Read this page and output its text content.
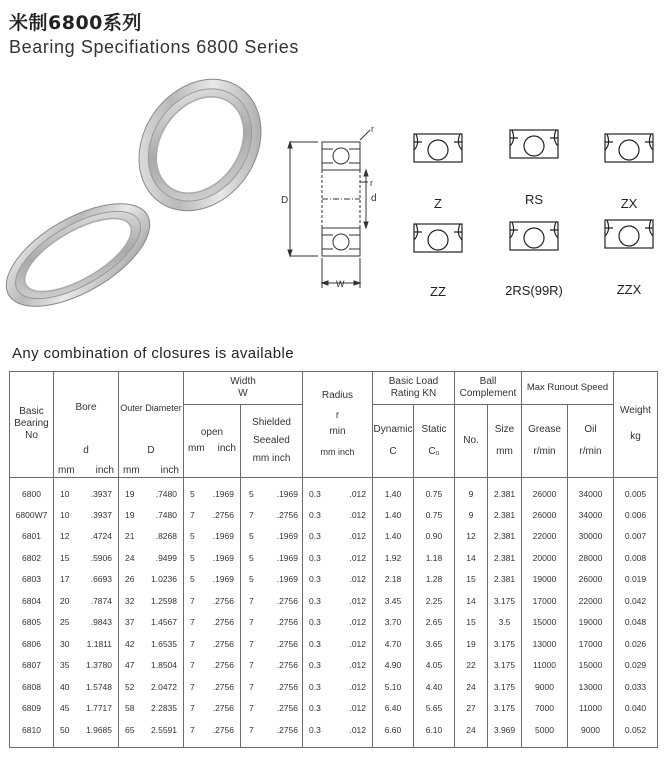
米制6800系列
Bearing Specifiations 6800 Series
D	d
W
r
r
Z	RS	ZX
ZZ	2RS(99R)	ZZX
Any combination of closures is available
Basic Bearing No	Bore	Outer Diameter	Width
W		Radius
r
min
mm inch	Basic Load Rating KN		Ball Complement		Max Runout Speed		Weight
kg

			open
mm inch	Shielded
Seealed
mm inch		Dynamic
C	Static
C₀	No.	Size
mm	Grease
r/min	Oil
r/min	

	d
mm inch	D
mm inch										

6800	10 .3937	19 .7480	5 .1969	5 .1969	0.3 .012	1.40	0.75	9	2.381	26000	34000	0.005
6800W7	10 .3937	19 .7480	7 .2756	7 .2756	0.3 .012	1.40	0.75	9	2.381	26000	34000	0.006
6801	12 .4724	21 .8268	5 .1969	5 .1969	0.3 .012	1.40	0.90	12	2.381	22000	30000	0.007
6802	15 .5906	24 .9499	5 .1969	5 .1969	0.3 .012	1.92	1.18	14	2.381	20000	28000	0.008
6803	17 .6693	26 1.0236	5 .1969	5 .1969	0.3 .012	2.18	1.28	15	2.381	19000	26000	0.019
6804	20 .7874	32 1.2598	7 .2756	7 .2756	0.3 .012	3.45	2.25	14	3.175	17000	22000	0.042
6805	25 .9843	37 1.4567	7 .2756	7 .2756	0.3 .012	3.70	2.65	15	3.5	15000	19000	0.048
6806	30 1.1811	42 1.6535	7 .2756	7 .2756	0.3 .012	4.70	3.65	19	3.175	13000	17000	0.026
6807	35 1.3780	47 1.8504	7 .2756	7 .2756	0.3 .012	4.90	4.05	22	3.175	11000	15000	0.029
6808	40 1.5748	52 2.0472	7 .2756	7 .2756	0.3 .012	5.10	4.40	24	3.175	9000	13000	0.033
6809	45 1.7717	58 2.2835	7 .2756	7 .2756	0.3 .012	6.40	5.65	27	3.175	7000	11000	0.040
6810	50 1.9685	65 2.5591	7 .2756	7 .2756	0.3 .012	6.60	6.10	24	3.969	5000	9000	0.052
